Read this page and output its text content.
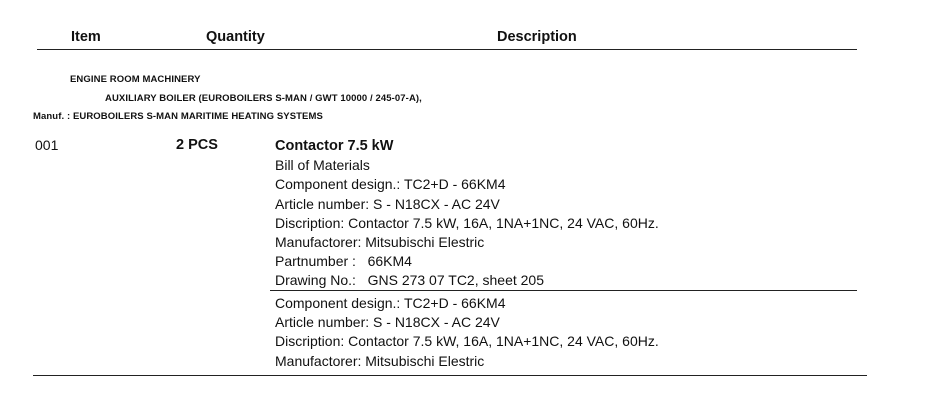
Item	Quantity	Description
ENGINE ROOM MACHINERY
AUXILIARY BOILER (EUROBOILERS S-MAN / GWT 10000 / 245-07-A),
Manuf. : EUROBOILERS S-MAN MARITIME HEATING SYSTEMS
001	2 PCS	Contactor 7.5 kW
Bill of Materials
Component design.: TC2+D - 66KM4
Article number: S - N18CX - AC 24V
Discription: Contactor 7.5 kW, 16A, 1NA+1NC, 24 VAC, 60Hz.
Manufactorer: Mitsubischi Elestric
Partnumber :   66KM4
Drawing No.:   GNS 273 07 TC2, sheet 205
Component design.: TC2+D - 66KM4
Article number: S - N18CX - AC 24V
Discription: Contactor 7.5 kW, 16A, 1NA+1NC, 24 VAC, 60Hz.
Manufactorer: Mitsubischi Elestric
